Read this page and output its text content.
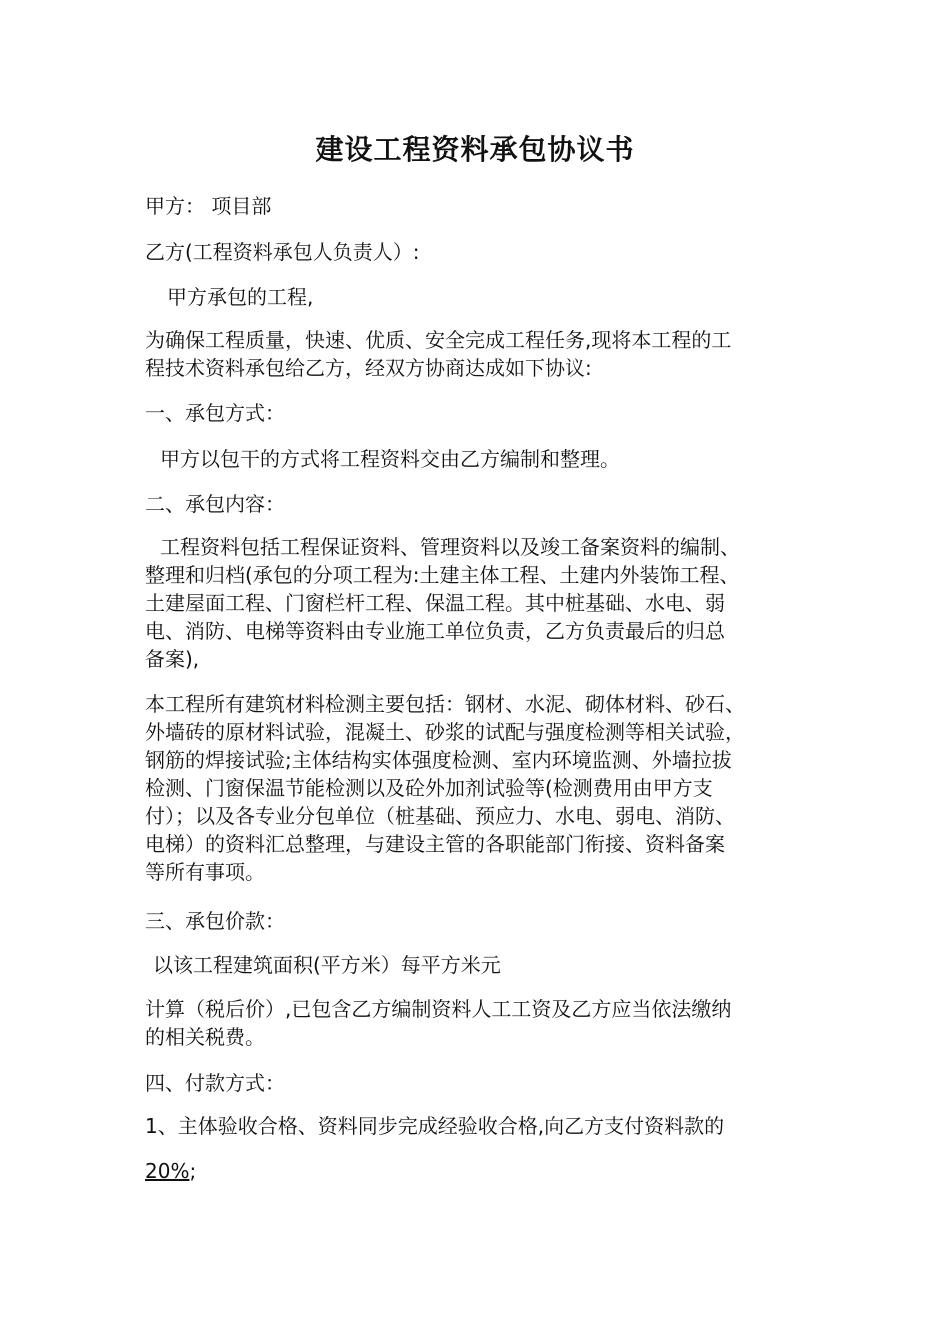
建设工程资料承包协议书
甲方： 项目部
乙方(工程资料承包人负责人）:
甲方承包的工程,
为确保工程质量，快速、优质、安全完成工程任务,现将本工程的工
程技术资料承包给乙方，经双方协商达成如下协议:
一、承包方式：
甲方以包干的方式将工程资料交由乙方编制和整理。
二、承包内容：
工程资料包括工程保证资料、管理资料以及竣工备案资料的编制、
整理和归档(承包的分项工程为:土建主体工程、土建内外装饰工程、
土建屋面工程、门窗栏杆工程、保温工程。其中桩基础、水电、弱
电、消防、电梯等资料由专业施工单位负责，乙方负责最后的归总
备案),
本工程所有建筑材料检测主要包括：钢材、水泥、砌体材料、砂石、
外墙砖的原材料试验，混凝土、砂浆的试配与强度检测等相关试验，
钢筋的焊接试验;主体结构实体强度检测、室内环境监测、外墙拉拔
检测、门窗保温节能检测以及砼外加剂试验等(检测费用由甲方支
付）；以及各专业分包单位（桩基础、预应力、水电、弱电、消防、
电梯）的资料汇总整理，与建设主管的各职能部门衔接、资料备案
等所有事项。
三、承包价款：
以该工程建筑面积(平方米）每平方米元
计算（税后价）,已包含乙方编制资料人工工资及乙方应当依法缴纳
的相关税费。
四、付款方式：
1、主体验收合格、资料同步完成经验收合格,向乙方支付资料款的
20%;
